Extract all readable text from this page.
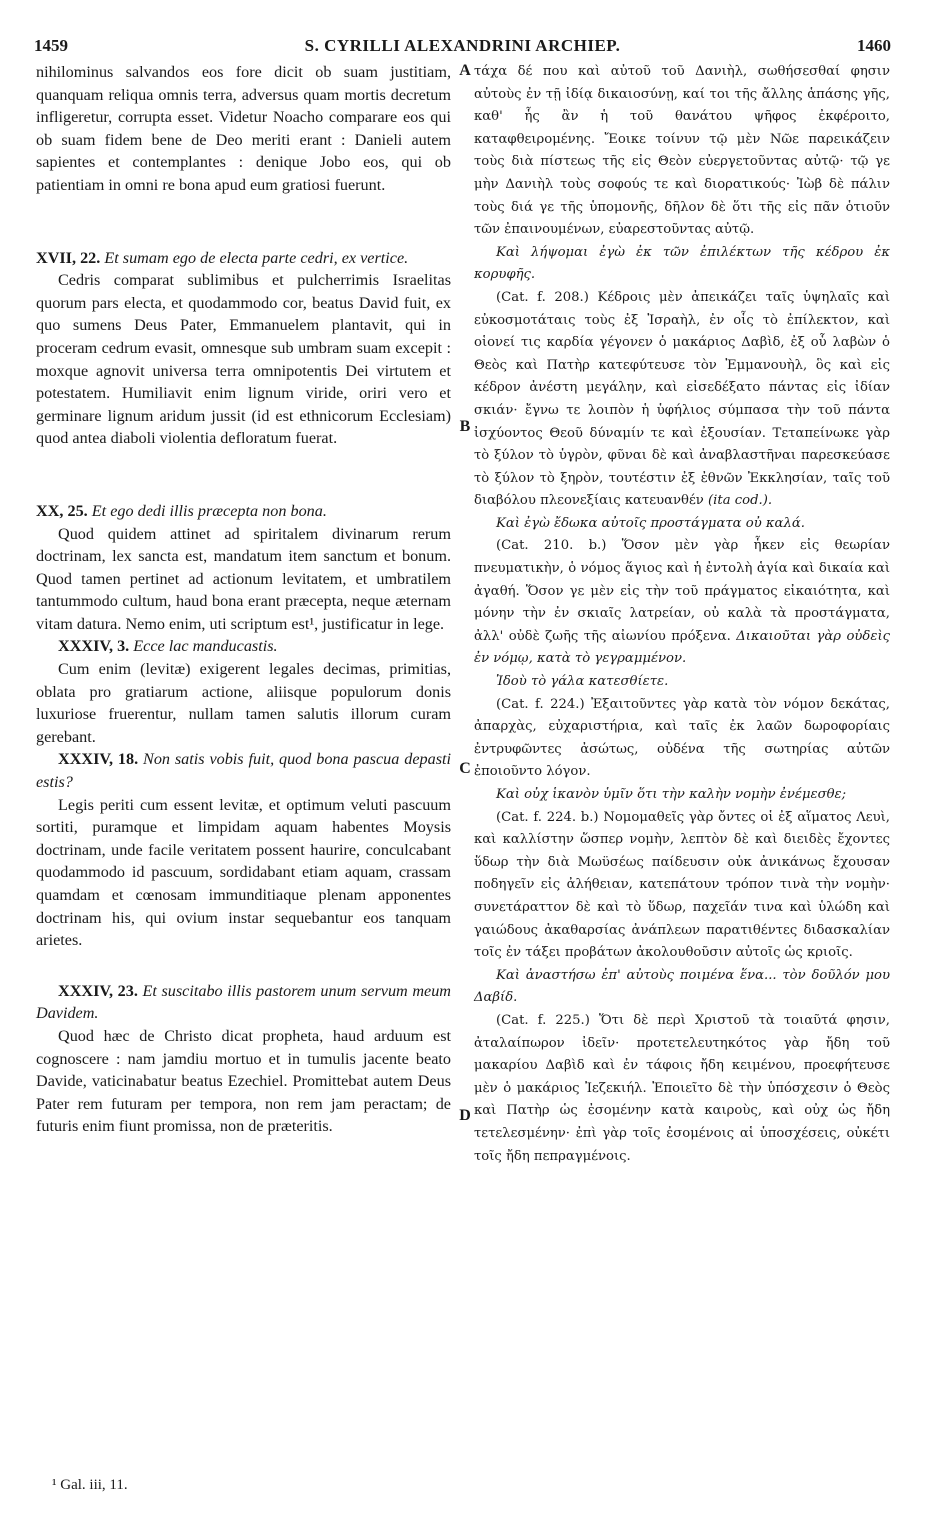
1459	S. CYRILLI ALEXANDRINI ARCHIEP.	1460

nihilominus salvandos eos fore dicit ob suam justitiam, quanquam reliqua omnis terra, adversus quam mortis decretum infligeretur, corrupta esset. Videtur Noacho comparare eos qui ob suam fidem bene de Deo meriti erant : Danieli autem sapientes et contemplantes : denique Jobo eos, qui ob patientiam in omni re bona apud eum gratiosi fuerunt.

XVII, 22. Et sumam ego de electa parte cedri, ex vertice.

Cedris comparat sublimibus et pulcherrimis Israelitas quorum pars electa, et quodammodo cor, beatus David fuit, ex quo sumens Deus Pater, Emmanuelem plantavit, qui in proceram cedrum evasit, omnesque sub umbram suam excepit : moxque agnovit universa terra omnipotentis Dei virtutem et potestatem. Humiliavit enim lignum viride, oriri vero et germinare lignum aridum jussit (id est ethnicorum Ecclesiam) quod antea diaboli violentia defloratum fuerat.

XX, 25. Et ego dedi illis præcepta non bona.

Quod quidem attinet ad spiritalem divinarum rerum doctrinam, lex sancta est, mandatum item sanctum et bonum. Quod tamen pertinet ad actionum levitatem, et umbratilem tantummodo cultum, haud bona erant præcepta, neque æternam vitam datura. Nemo enim, uti scriptum est¹, justificatur in lege.

XXXIV, 3. Ecce lac manducastis.

Cum enim (levitæ) exigerent legales decimas, primitias, oblata pro gratiarum actione, aliisque populorum donis luxuriose fruerentur, nullam tamen salutis illorum curam gerebant.

XXXIV, 18. Non satis vobis fuit, quod bona pascua depasti estis?

Legis periti cum essent levitæ, et optimum veluti pascuum sortiti, puramque et limpidam aquam habentes Moysis doctrinam, unde facile veritatem possent haurire, conculcabant quodammodo id pascuum, sordidabant etiam aquam, crassam quamdam et cœnosam immunditiaque plenam apponentes doctrinam his, qui ovium instar sequebantur eos tanquam arietes.

XXXIV, 23. Et suscitabo illis pastorem unum servum meum Davidem.

Quod hæc de Christo dicat propheta, haud arduum est cognoscere : nam jamdiu mortuo et in tumulis jacente beato Davide, vaticinabatur beatus Ezechiel. Promittebat autem Deus Pater rem futuram per tempora, non rem jam peractam; de futuris enim fiunt promissa, non de præteritis.

A
B
C
D

τάχα δέ που καὶ αὐτοῦ τοῦ Δανιὴλ, σωθήσεσθαί φησιν αὐτοὺς ἐν τῇ ἰδίᾳ δικαιοσύνῃ, καί τοι τῆς ἄλλης ἁπάσης γῆς, καθ' ἧς ἂν ἡ τοῦ θανάτου ψῆφος ἐκφέροιτο, καταφθειρομένης. Ἔοικε τοίνυν τῷ μὲν Νῶε παρεικάζειν τοὺς διὰ πίστεως τῆς εἰς Θεὸν εὐεργετοῦντας αὐτῷ· τῷ γε μὴν Δανιὴλ τοὺς σοφούς τε καὶ διορατικούς· Ἰὼβ δὲ πάλιν τοὺς διά γε τῆς ὑπομονῆς, δῆλον δὲ ὅτι τῆς εἰς πᾶν ὁτιοῦν τῶν ἐπαινουμένων, εὐαρεστοῦντας αὐτῷ.

Καὶ λήψομαι ἐγὼ ἐκ τῶν ἐπιλέκτων τῆς κέδρου ἐκ κορυφῆς.

(Cat. f. 208.) Κέδροις μὲν ἀπεικάζει ταῖς ὑψηλαῖς καὶ εὐκοσμοτάταις τοὺς ἐξ Ἰσραὴλ, ἐν οἷς τὸ ἐπίλεκτον, καὶ οἱονεί τις καρδία γέγονεν ὁ μακάριος Δαβὶδ, ἐξ οὗ λαβὼν ὁ Θεὸς καὶ Πατὴρ κατεφύτευσε τὸν Ἐμμανουὴλ, ὃς καὶ εἰς κέδρον ἀνέστη μεγάλην, καὶ εἰσεδέξατο πάντας εἰς ἰδίαν σκιάν· ἔγνω τε λοιπὸν ἡ ὑφήλιος σύμπασα τὴν τοῦ πάντα ἰσχύοντος Θεοῦ δύναμίν τε καὶ ἐξουσίαν. Τεταπείνωκε γὰρ τὸ ξύλον τὸ ὑγρὸν, φῦναι δὲ καὶ ἀναβλαστῆναι παρεσκεύασε τὸ ξύλον τὸ ξηρὸν, τουτέστιν ἐξ ἐθνῶν Ἐκκλησίαν, ταῖς τοῦ διαβόλου πλεονεξίαις κατευανθέν (ita cod.).

Καὶ ἐγὼ ἔδωκα αὐτοῖς προστάγματα οὐ καλά.

(Cat. 210. b.) Ὅσον μὲν γὰρ ἧκεν εἰς θεωρίαν πνευματικὴν, ὁ νόμος ἅγιος καὶ ἡ ἐντολὴ ἁγία καὶ δικαία καὶ ἀγαθή. Ὅσον γε μὲν εἰς τὴν τοῦ πράγματος εἰκαιότητα, καὶ μόνην τὴν ἐν σκιαῖς λατρείαν, οὐ καλὰ τὰ προστάγματα, ἀλλ' οὐδὲ ζωῆς τῆς αἰωνίου πρόξενα. Δικαιοῦται γὰρ οὐδεὶς ἐν νόμῳ, κατὰ τὸ γεγραμμένον.

Ἰδοὺ τὸ γάλα κατεσθίετε.

(Cat. f. 224.) Ἐξαιτοῦντες γὰρ κατὰ τὸν νόμον δεκάτας, ἀπαρχὰς, εὐχαριστήρια, καὶ ταῖς ἐκ λαῶν δωροφορίαις ἐντρυφῶντες ἀσώτως, οὐδένα τῆς σωτηρίας αὐτῶν ἐποιοῦντο λόγον.

Καὶ οὐχ ἱκανὸν ὑμῖν ὅτι τὴν καλὴν νομὴν ἐνέμεσθε;

(Cat. f. 224. b.) Νομομαθεῖς γὰρ ὄντες οἱ ἐξ αἵματος Λευὶ, καὶ καλλίστην ὥσπερ νομὴν, λεπτὸν δὲ καὶ διειδὲς ἔχοντες ὕδωρ τὴν διὰ Μωϋσέως παίδευσιν οὐκ ἀνικάνως ἔχουσαν ποδηγεῖν εἰς ἀλήθειαν, κατεπάτουν τρόπον τινὰ τὴν νομὴν· συνετάραττον δὲ καὶ τὸ ὕδωρ, παχεῖάν τινα καὶ ὑλώδη καὶ γαιώδους ἀκαθαρσίας ἀνάπλεων παρατιθέντες διδασκαλίαν τοῖς ἐν τάξει προβάτων ἀκολουθοῦσιν αὐτοῖς ὡς κριοῖς.

Καὶ ἀναστήσω ἐπ' αὐτοὺς ποιμένα ἕνα... τὸν δοῦλόν μου Δαβίδ.

(Cat. f. 225.) Ὅτι δὲ περὶ Χριστοῦ τὰ τοιαῦτά φησιν, ἀταλαίπωρον ἰδεῖν· προτετελευτηκότος γὰρ ἤδη τοῦ μακαρίου Δαβὶδ καὶ ἐν τάφοις ἤδη κειμένου, προεφήτευσε μὲν ὁ μακάριος Ἰεζεκιήλ. Ἐποιεῖτο δὲ τὴν ὑπόσχεσιν ὁ Θεὸς καὶ Πατὴρ ὡς ἐσομένην κατὰ καιροὺς, καὶ οὐχ ὡς ἤδη τετελεσμένην· ἐπὶ γὰρ τοῖς ἐσομένοις αἱ ὑποσχέσεις, οὐκέτι τοῖς ἤδη πεπραγμένοις.

¹ Gal. iii, 11.
